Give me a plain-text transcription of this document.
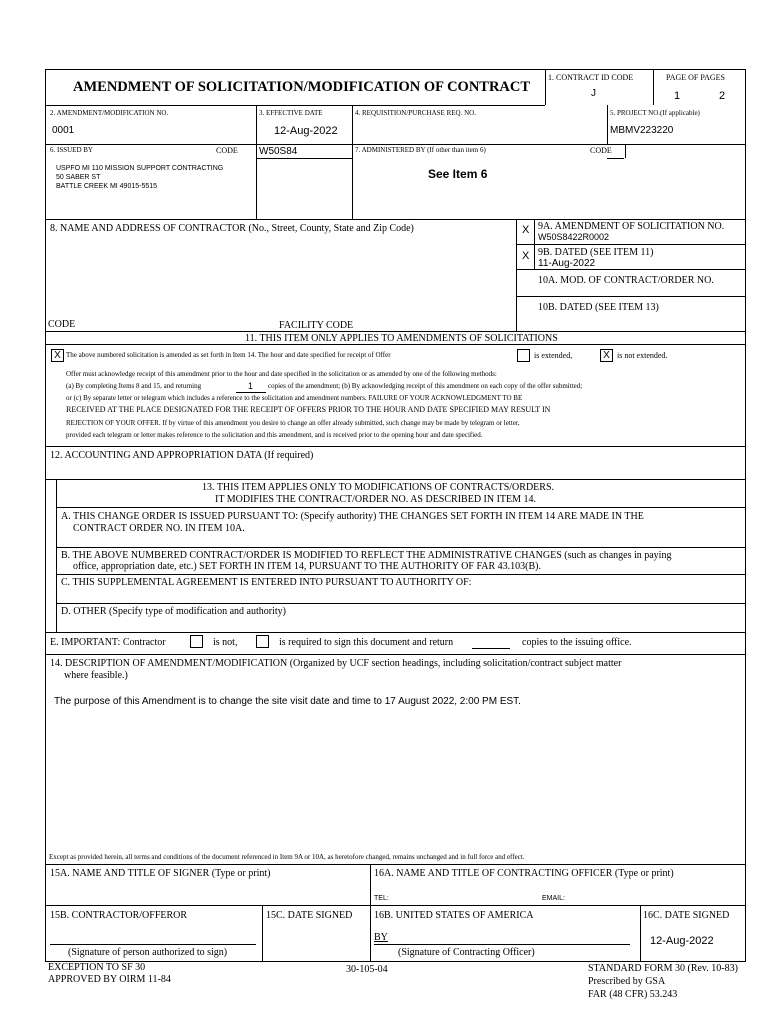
AMENDMENT OF SOLICITATION/MODIFICATION OF CONTRACT
1. CONTRACT ID CODE
J
PAGE OF PAGES
1	2
2. AMENDMENT/MODIFICATION NO.
0001
3. EFFECTIVE DATE
12-Aug-2022
4. REQUISITION/PURCHASE REQ. NO.	5. PROJECT NO.(If applicable)
MBMV223220
6. ISSUED BY	CODE W50S84
USPFO MI 110 MISSION SUPPORT CONTRACTING
50 SABER ST
BATTLE CREEK MI 49015-5515
7. ADMINISTERED BY (If other than item 6)	CODE
See Item 6
8. NAME AND ADDRESS OF CONTRACTOR (No., Street, County, State and Zip Code)	X 9A. AMENDMENT OF SOLICITATION NO.
W50S8422R0002
X 9B. DATED (SEE ITEM 11)
11-Aug-2022
10A. MOD. OF CONTRACT/ORDER NO.
10B. DATED (SEE ITEM 13)
CODE	FACILITY CODE
11. THIS ITEM ONLY APPLIES TO AMENDMENTS OF SOLICITATIONS
X The above numbered solicitation is amended as set forth in Item 14. The hour and date specified for receipt of Offer	is extended,	X is not extended.
Offer must acknowledge receipt of this amendment prior to the hour and date specified in the solicitation or as amended by one of the following methods:
(a) By completing Items 8 and 15, and returning	1 copies of the amendment; (b) By acknowledging receipt of this amendment on each copy of the offer submitted;
or (c) By separate letter or telegram which includes a reference to the solicitation and amendment numbers. FAILURE OF YOUR ACKNOWLEDGMENT TO BE
RECEIVED AT THE PLACE DESIGNATED FOR THE RECEIPT OF OFFERS PRIOR TO THE HOUR AND DATE SPECIFIED MAY RESULT IN
REJECTION OF YOUR OFFER. If by virtue of this amendment you desire to change an offer already submitted, such change may be made by telegram or letter,
provided each telegram or letter makes reference to the solicitation and this amendment, and is received prior to the opening hour and date specified.
12. ACCOUNTING AND APPROPRIATION DATA (If required)
13. THIS ITEM APPLIES ONLY TO MODIFICATIONS OF CONTRACTS/ORDERS.
IT MODIFIES THE CONTRACT/ORDER NO. AS DESCRIBED IN ITEM 14.
A. THIS CHANGE ORDER IS ISSUED PURSUANT TO: (Specify authority) THE CHANGES SET FORTH IN ITEM 14 ARE MADE IN THE
CONTRACT ORDER NO. IN ITEM 10A.
B. THE ABOVE NUMBERED CONTRACT/ORDER IS MODIFIED TO REFLECT THE ADMINISTRATIVE CHANGES (such as changes in paying
office, appropriation date, etc.) SET FORTH IN ITEM 14, PURSUANT TO THE AUTHORITY OF FAR 43.103(B).
C. THIS SUPPLEMENTAL AGREEMENT IS ENTERED INTO PURSUANT TO AUTHORITY OF:
D. OTHER (Specify type of modification and authority)
E. IMPORTANT: Contractor	is not,	is required to sign this document and return	copies to the issuing office.
14. DESCRIPTION OF AMENDMENT/MODIFICATION (Organized by UCF section headings, including solicitation/contract subject matter
where feasible.)
The purpose of this Amendment is to change the site visit date and time to 17 August 2022, 2:00 PM EST.
Except as provided herein, all terms and conditions of the document referenced in Item 9A or 10A, as heretofore changed, remains unchanged and in full force and effect.
15A. NAME AND TITLE OF SIGNER (Type or print)	16A. NAME AND TITLE OF CONTRACTING OFFICER (Type or print)
TEL:	EMAIL:
15B. CONTRACTOR/OFFEROR
(Signature of person authorized to sign)
15C. DATE SIGNED 16B. UNITED STATES OF AMERICA
BY
(Signature of Contracting Officer)
16C. DATE SIGNED
12-Aug-2022
EXCEPTION TO SF 30
APPROVED BY OIRM 11-84
30-105-04	STANDARD FORM 30 (Rev. 10-83)
Prescribed by GSA
FAR (48 CFR) 53.243
